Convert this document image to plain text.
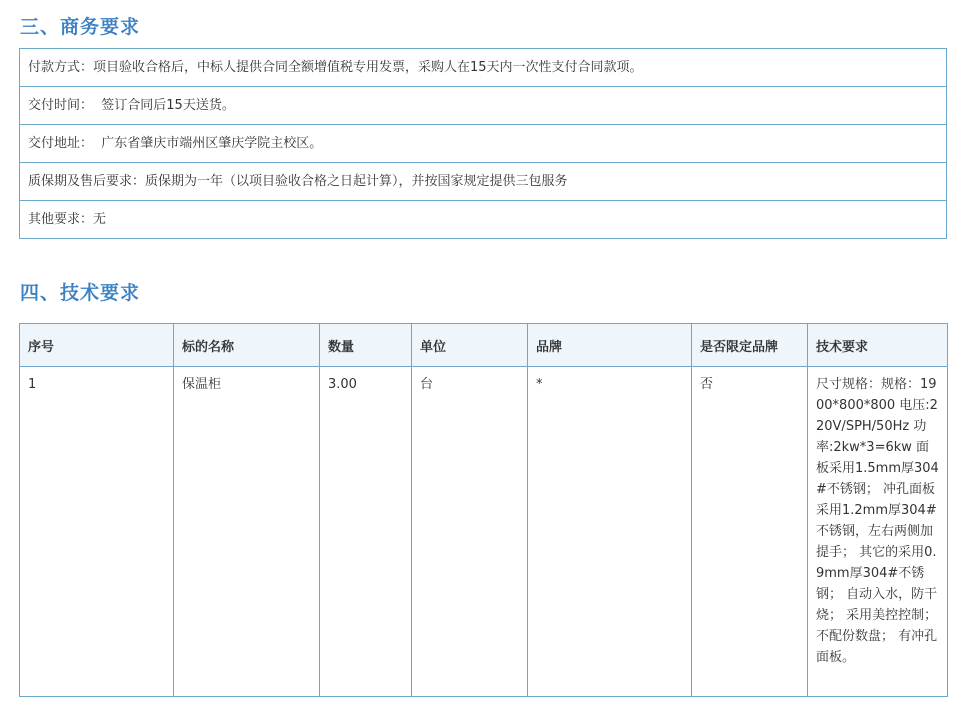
三、商务要求
付款方式：项目验收合格后，中标人提供合同全额增值税专用发票，采购人在15天内一次性支付合同款项。
交付时间：  签订合同后15天送货。
交付地址：  广东省肇庆市端州区肇庆学院主校区。
质保期及售后要求：质保期为一年（以项目验收合格之日起计算），并按国家规定提供三包服务
其他要求：无
四、技术要求
序号	标的名称	数量	单位	品牌	是否限定品牌	技术要求
1	保温柜	3.00	台	*	否	尺寸规格：规格：1900*800*800 电压:220V/SPH/50Hz 功率:2kw*3=6kw 面板采用1.5mm厚304#不锈钢； 冲孔面板采用1.2mm厚304#不锈钢，左右两侧加提手； 其它的采用0.9mm厚304#不锈钢； 自动入水，防干烧； 采用美控控制； 不配份数盘； 有冲孔面板。
